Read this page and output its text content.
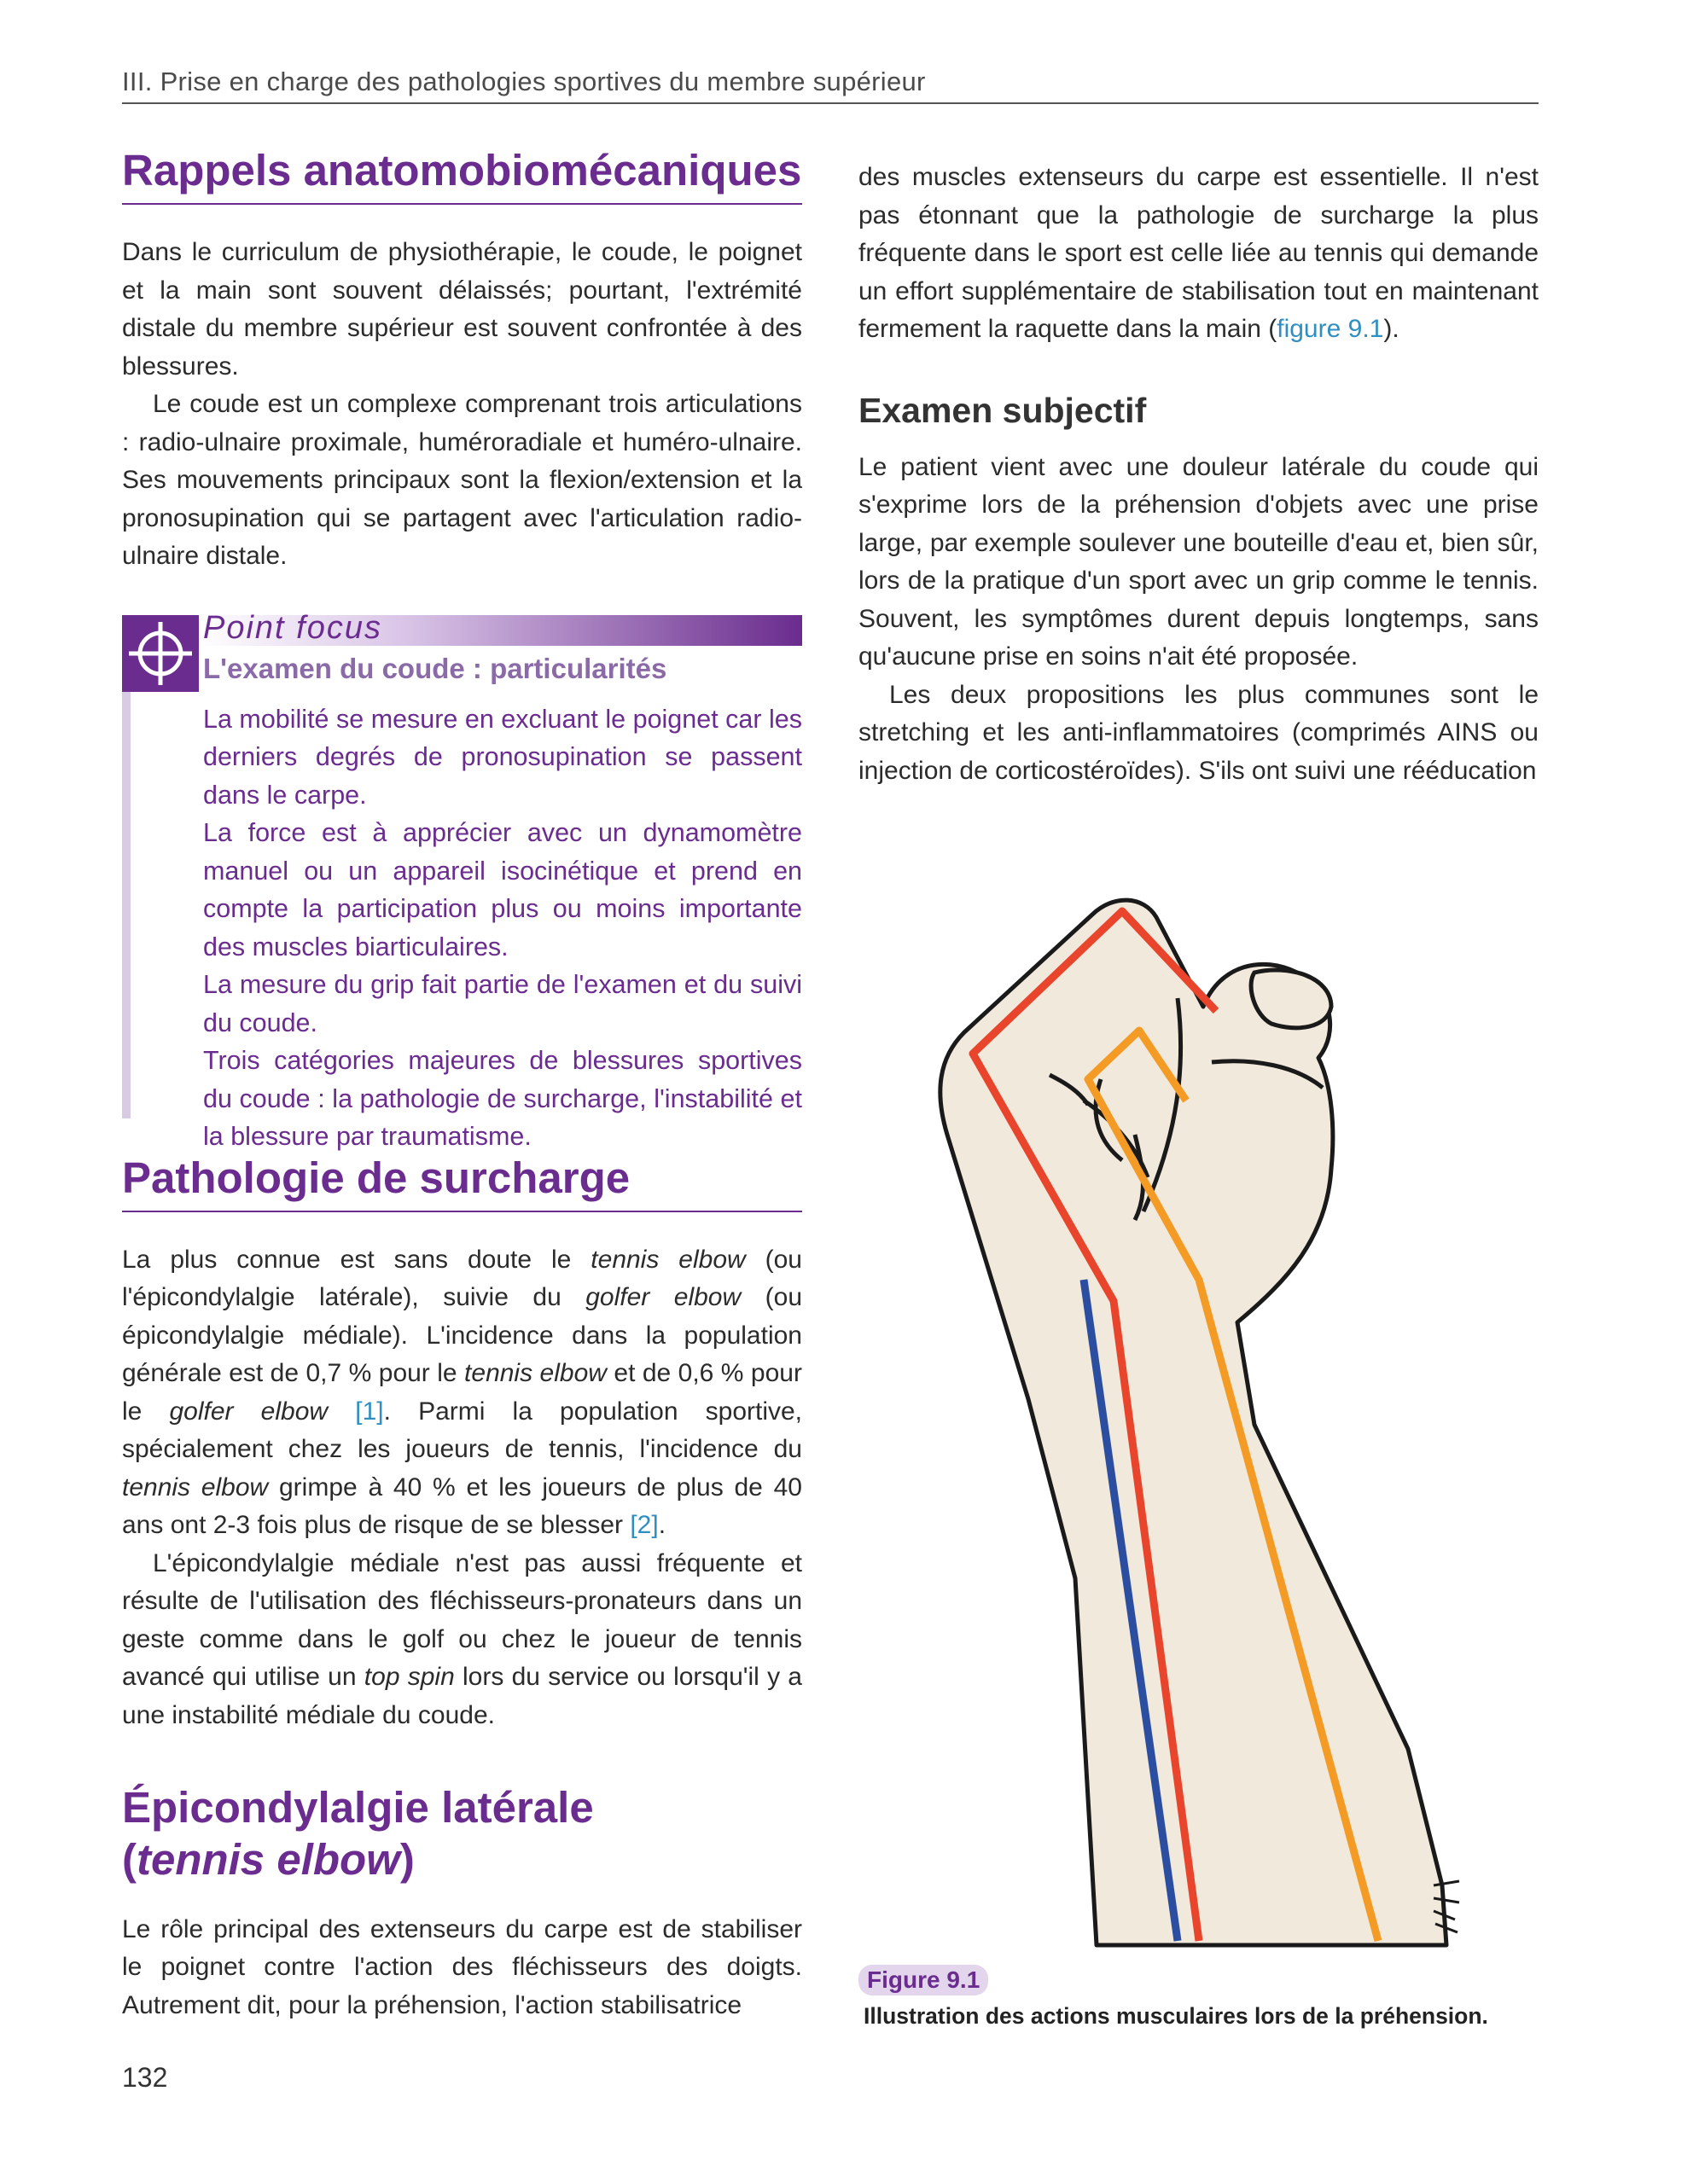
III. Prise en charge des pathologies sportives du membre supérieur
Rappels anatomobiomécaniques

Dans le curriculum de physiothérapie, le coude, le poignet et la main sont souvent délaissés; pourtant, l'extrémité distale du membre supérieur est souvent confrontée à des blessures.

Le coude est un complexe comprenant trois articulations : radio-ulnaire proximale, huméroradiale et huméro-ulnaire. Ses mouvements principaux sont la flexion/extension et la pronosupination qui se partagent avec l'articulation radio-ulnaire distale.

Point focus
L'examen du coude : particularités

La mobilité se mesure en excluant le poignet car les derniers degrés de pronosupination se passent dans le carpe.

La force est à apprécier avec un dynamomètre manuel ou un appareil isocinétique et prend en compte la participation plus ou moins importante des muscles biarticulaires.

La mesure du grip fait partie de l'examen et du suivi du coude.

Trois catégories majeures de blessures sportives du coude : la pathologie de surcharge, l'instabilité et la blessure par traumatisme.

Pathologie de surcharge

La plus connue est sans doute le tennis elbow (ou l'épicondylalgie latérale), suivie du golfer elbow (ou épicondylalgie médiale). L'incidence dans la population générale est de 0,7 % pour le tennis elbow et de 0,6 % pour le golfer elbow [1]. Parmi la population sportive, spécialement chez les joueurs de tennis, l'incidence du tennis elbow grimpe à 40 % et les joueurs de plus de 40 ans ont 2-3 fois plus de risque de se blesser [2].

L'épicondylalgie médiale n'est pas aussi fréquente et résulte de l'utilisation des fléchisseurs-pronateurs dans un geste comme dans le golf ou chez le joueur de tennis avancé qui utilise un top spin lors du service ou lorsqu'il y a une instabilité médiale du coude.

Épicondylalgie latérale (tennis elbow)

Le rôle principal des extenseurs du carpe est de stabiliser le poignet contre l'action des fléchisseurs des doigts. Autrement dit, pour la préhension, l'action stabilisatrice

des muscles extenseurs du carpe est essentielle. Il n'est pas étonnant que la pathologie de surcharge la plus fréquente dans le sport est celle liée au tennis qui demande un effort supplémentaire de stabilisation tout en maintenant fermement la raquette dans la main (figure 9.1).

Examen subjectif

Le patient vient avec une douleur latérale du coude qui s'exprime lors de la préhension d'objets avec une prise large, par exemple soulever une bouteille d'eau et, bien sûr, lors de la pratique d'un sport avec un grip comme le tennis. Souvent, les symptômes durent depuis longtemps, sans qu'aucune prise en soins n'ait été proposée.

Les deux propositions les plus communes sont le stretching et les anti-inflammatoires (comprimés AINS ou injection de corticostéroïdes). S'ils ont suivi une rééducation

Figure 9.1
Illustration des actions musculaires lors de la préhension.
132
